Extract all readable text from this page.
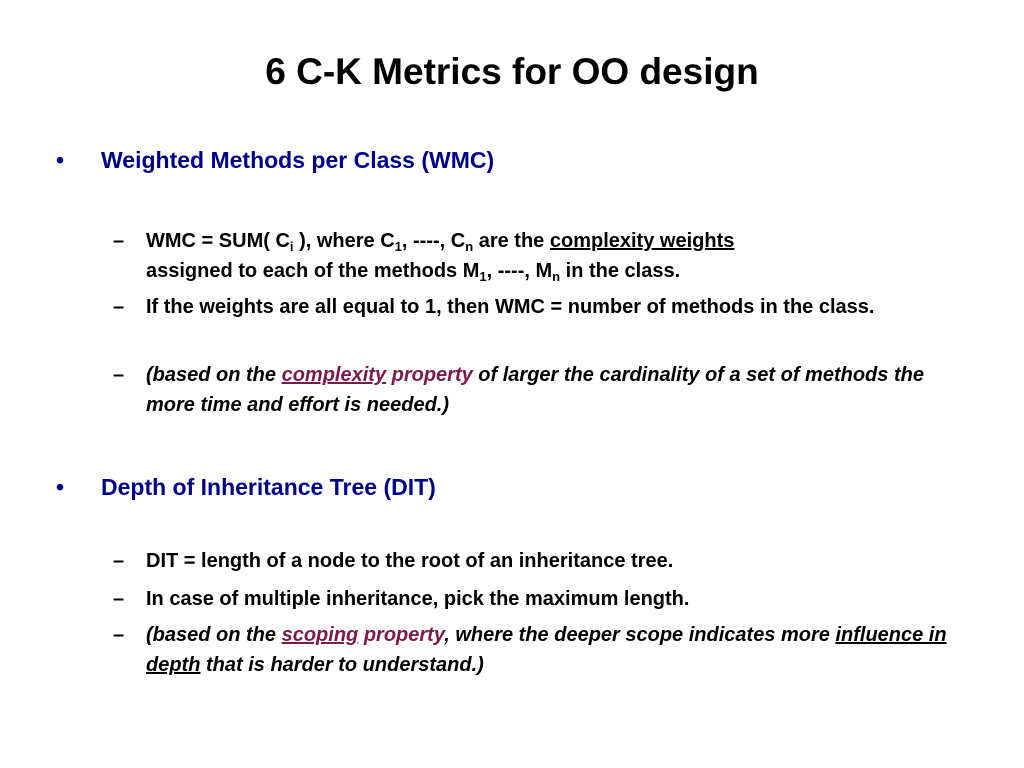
6 C-K Metrics for OO design
• Weighted Methods per Class (WMC)
– WMC = SUM( $C_i$ ), where $C_1$, ----, $C_n$ are the complexity weights
assigned to each of the methods $M_1$, ----, $M_n$ in the class.
– If the weights are all equal to 1, then WMC = number of methods in the class.
– (based on the complexity property of larger the cardinality of a set of methods the more time and effort is needed.)
• Depth of Inheritance Tree (DIT)
– DIT = length of a node to the root of an inheritance tree.
– In case of multiple inheritance, pick the maximum length.
– (based on the scoping property, where the deeper scope indicates more influence in depth that is harder to understand.)
